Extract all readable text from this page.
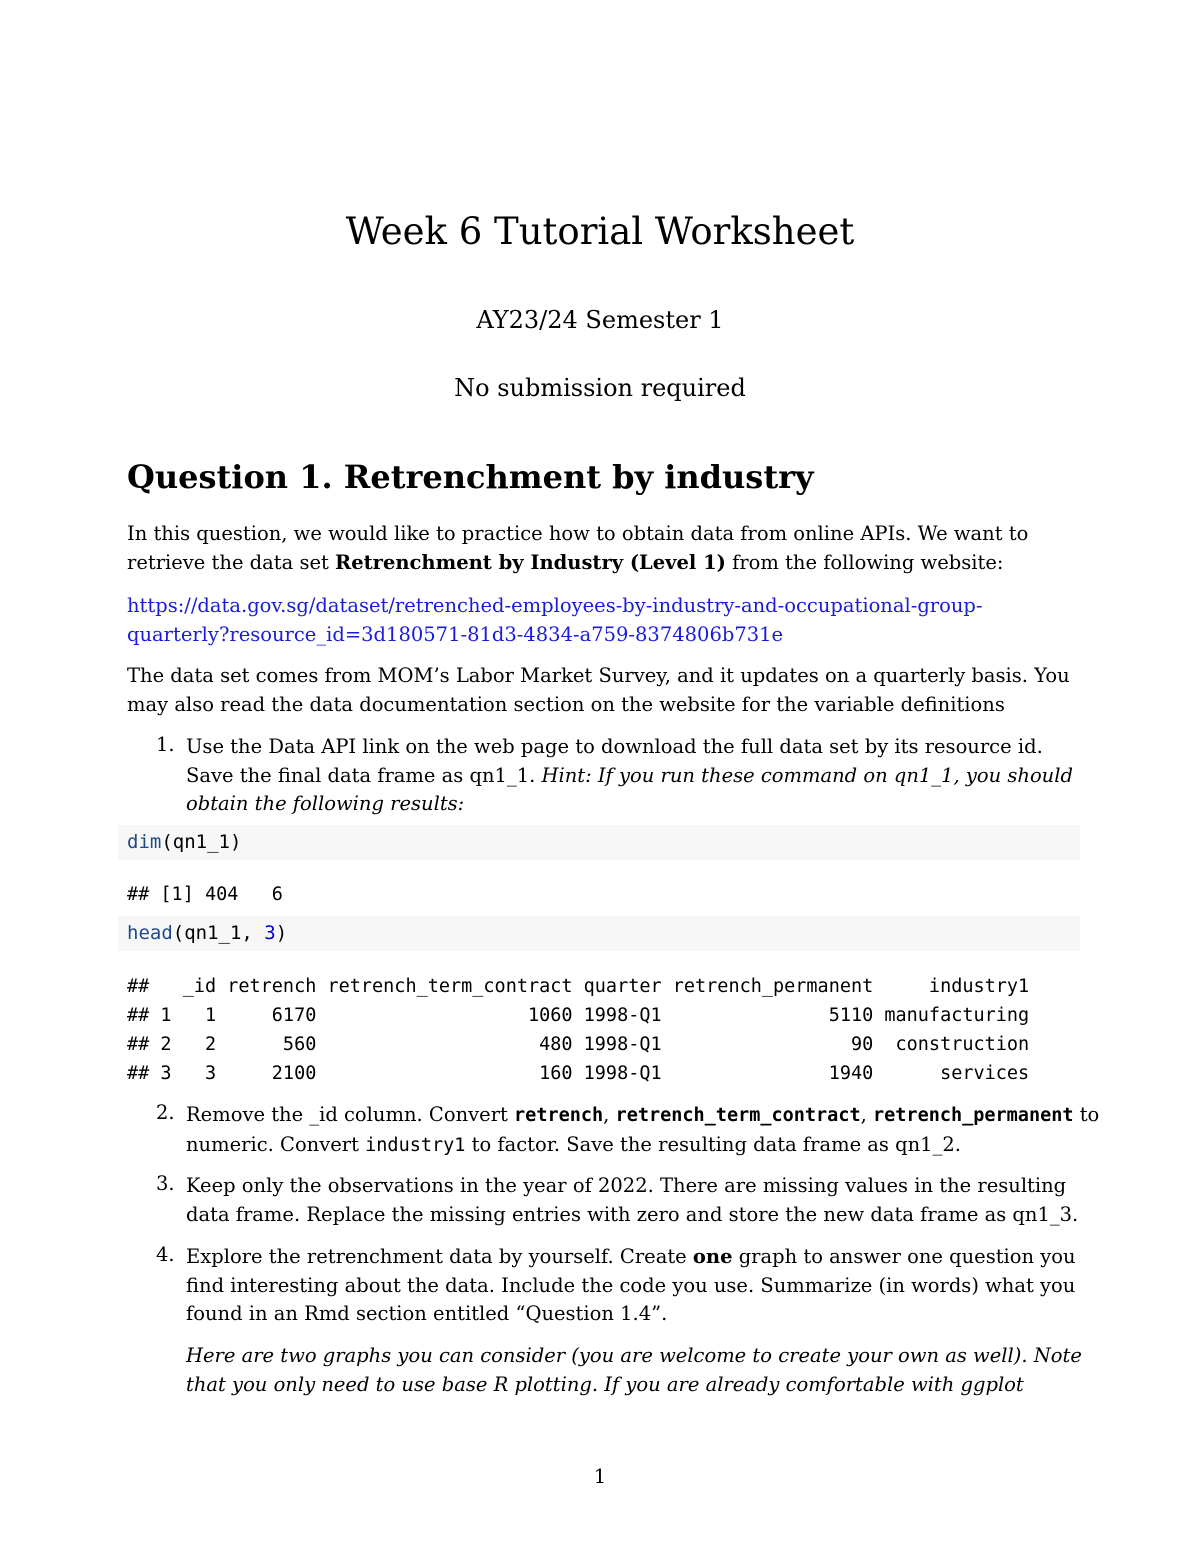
Week 6 Tutorial Worksheet
AY23/24 Semester 1
No submission required
Question 1. Retrenchment by industry
In this question, we would like to practice how to obtain data from online APIs. We want to retrieve the data set Retrenchment by Industry (Level 1) from the following website:
https://data.gov.sg/dataset/retrenched-employees-by-industry-and-occupational-group-
quarterly?resource_id=3d180571-81d3-4834-a759-8374806b731e
The data set comes from MOM’s Labor Market Survey, and it updates on a quarterly basis. You may also read the data documentation section on the website for the variable definitions
1. Use the Data API link on the web page to download the full data set by its resource id. Save the final data frame as qn1_1. Hint: If you run these command on qn1_1, you should obtain the following results:
dim(qn1_1)
## [1] 404   6
head(qn1_1, 3)
##   _id retrench retrench_term_contract quarter retrench_permanent     industry1
## 1   1     6170                   1060 1998-Q1               5110 manufacturing
## 2   2      560                    480 1998-Q1                 90  construction
## 3   3     2100                    160 1998-Q1               1940      services
2. Remove the _id column. Convert retrench, retrench_term_contract, retrench_permanent to numeric. Convert industry1 to factor. Save the resulting data frame as qn1_2.
3. Keep only the observations in the year of 2022. There are missing values in the resulting data frame. Replace the missing entries with zero and store the new data frame as qn1_3.
4. Explore the retrenchment data by yourself. Create one graph to answer one question you find interesting about the data. Include the code you use. Summarize (in words) what you found in an Rmd section entitled “Question 1.4”.
Here are two graphs you can consider (you are welcome to create your own as well). Note that you only need to use base R plotting. If you are already comfortable with ggplot
1
